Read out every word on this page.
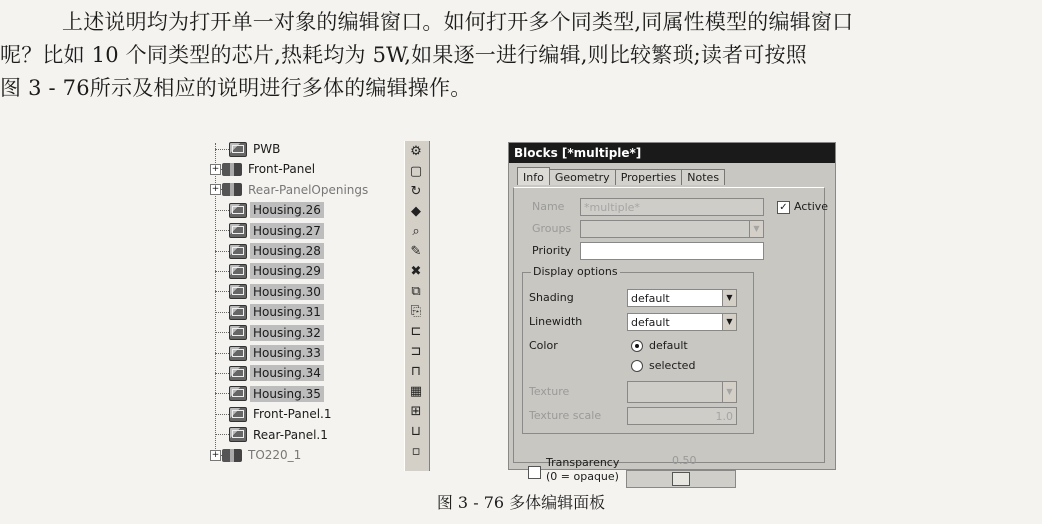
上述说明均为打开单一对象的编辑窗口。如何打开多个同类型,同属性模型的编辑窗口
呢？比如 10 个同类型的芯片,热耗均为 5W,如果逐一进行编辑,则比较繁琐;读者可按照
图 3 - 76所示及相应的说明进行多体的编辑操作。
PWB
+ Front-Panel
+ Rear-PanelOpenings
Housing.26
Housing.27
Housing.28
Housing.29
Housing.30
Housing.31
Housing.32
Housing.33
Housing.34
Housing.35
Front-Panel.1
Rear-Panel.1
+ TO220_1
⚙
▢
↻
◆
⌕
✎
✖
⧉
⎘
⊏
⊐
⊓
▦
⊞
⊔
▫
Blocks [*multiple*]
Info	Geometry	Properties	Notes
Name	*multiple*	✓ Active
Groups	▼
Priority
Display options
Shading	default	▼
Linewidth	default	▼
Color	default
selected
Texture	▼
Texture scale	1.0
Transparency
(0 = opaque)
0.50
图 3 - 76 多体编辑面板
